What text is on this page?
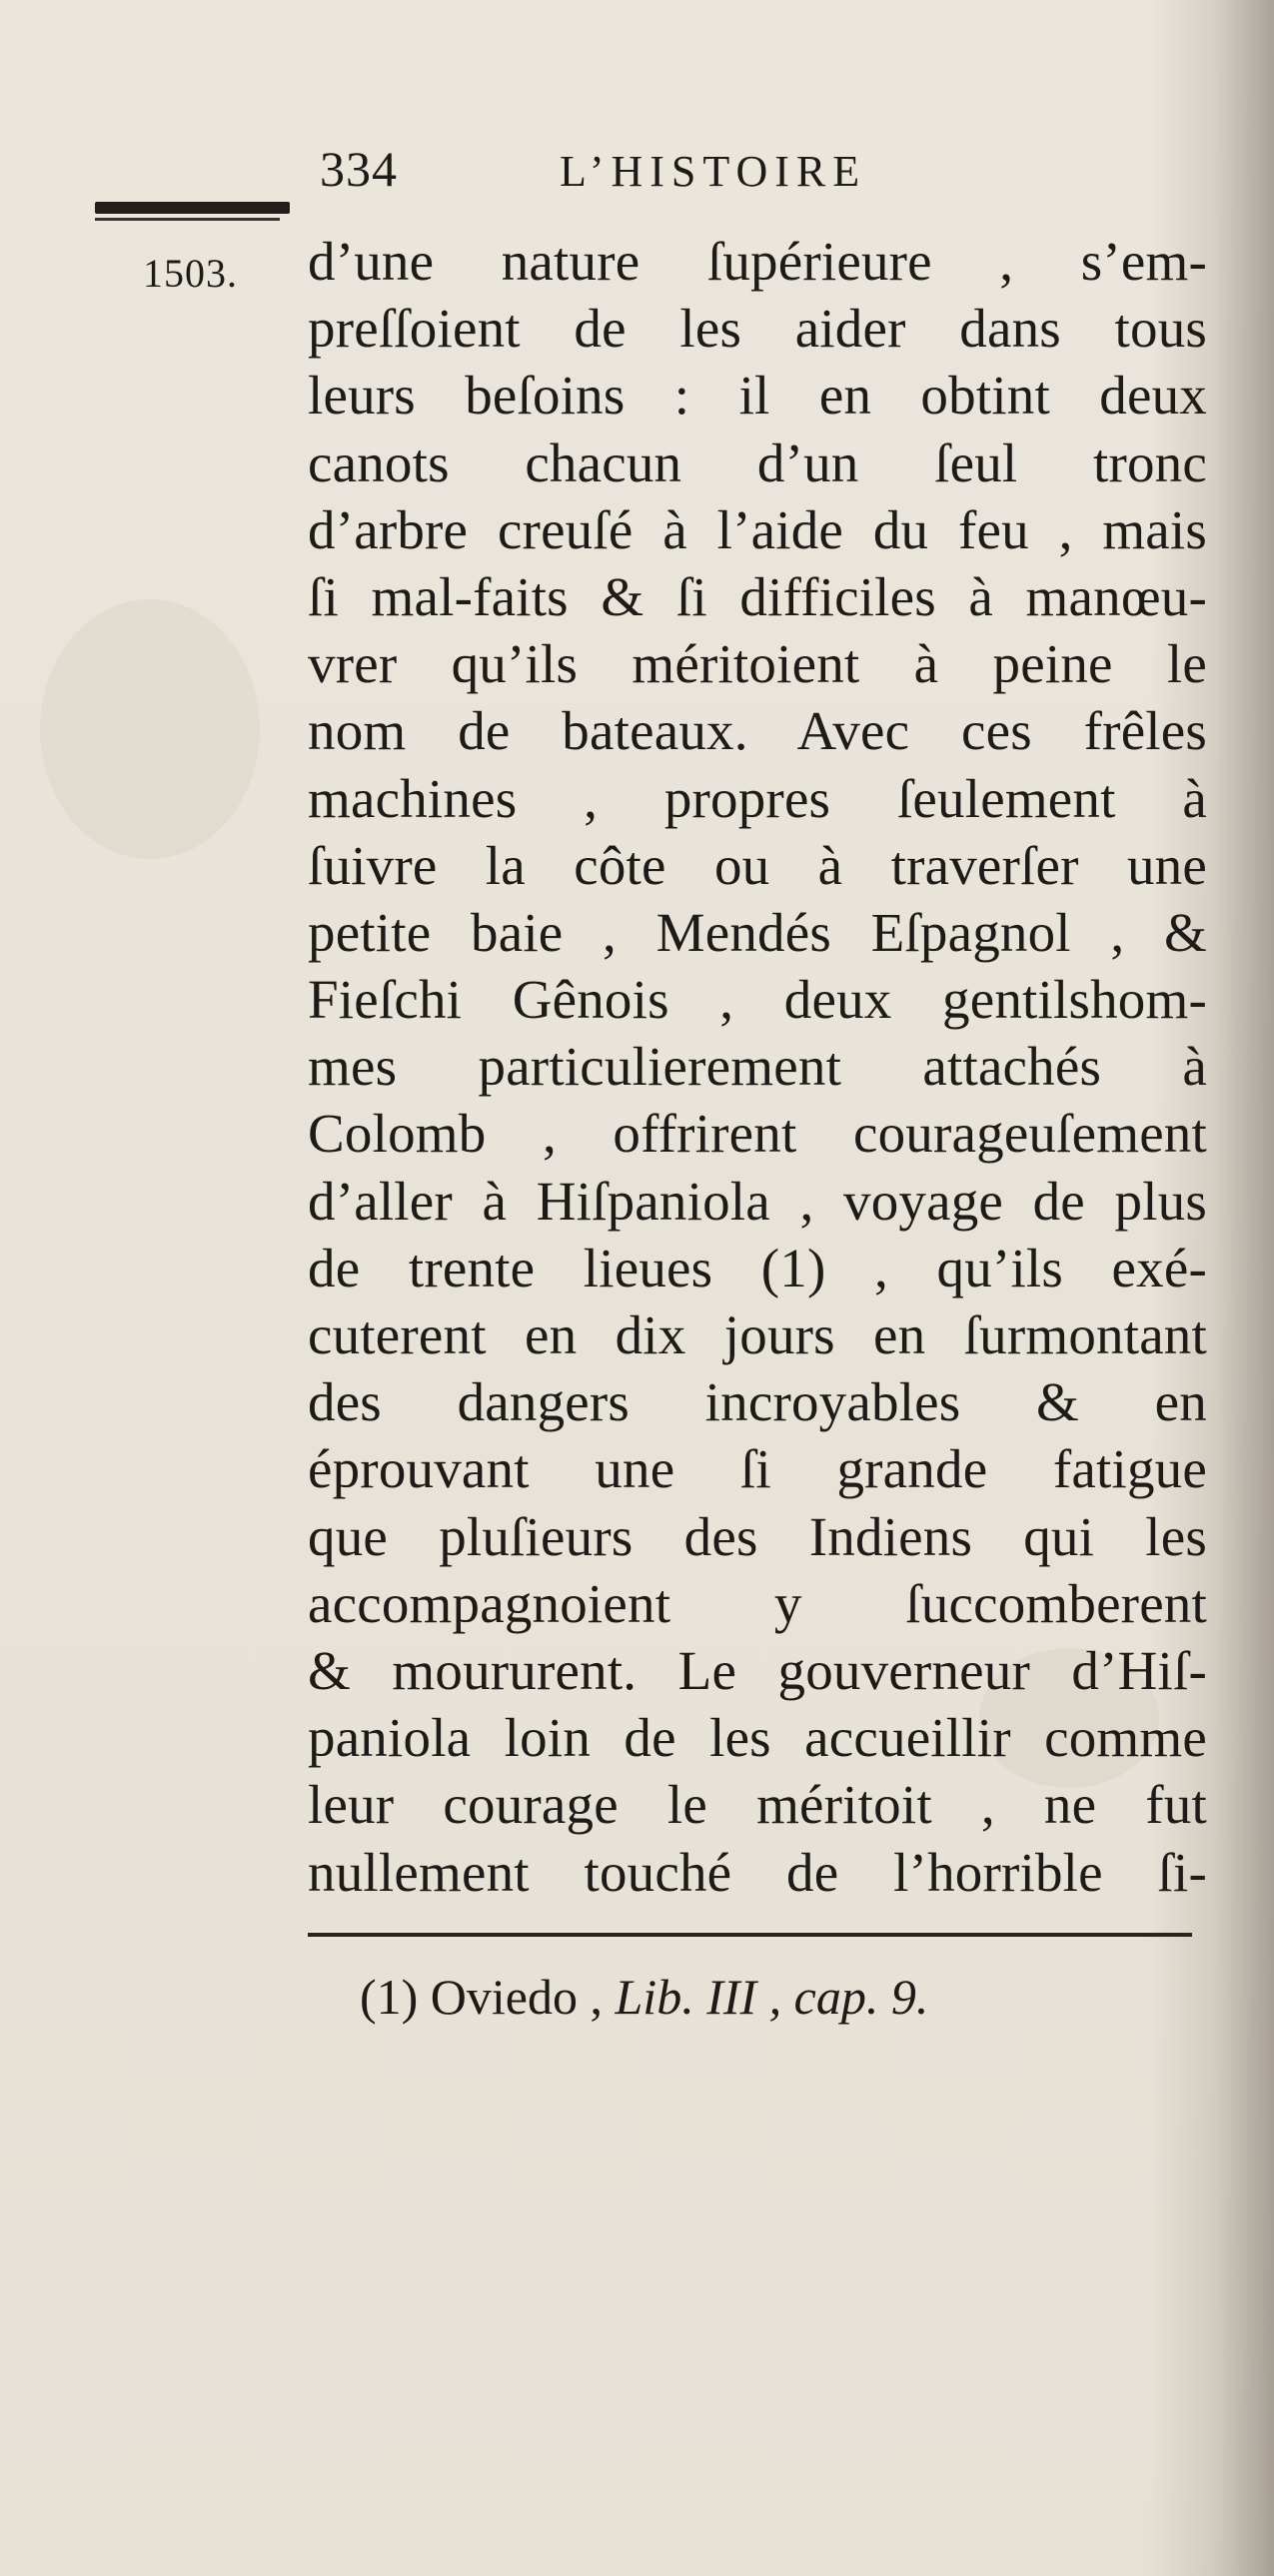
334	L’HISTOIRE
1503. d’une nature ſupérieure , s’em-
preſſoient de les aider dans tous
leurs beſoins : il en obtint deux
canots chacun d’un ſeul tronc
d’arbre creuſé à l’aide du feu , mais
ſi mal-faits & ſi difficiles à manœu-
vrer qu’ils méritoient à peine le
nom de bateaux. Avec ces frêles
machines , propres ſeulement à
ſuivre la côte ou à traverſer une
petite baie , Mendés Eſpagnol , &
Fieſchi Gênois , deux gentilshom-
mes particulierement attachés à
Colomb , offrirent courageuſement
d’aller à Hiſpaniola , voyage de plus
de trente lieues (1) , qu’ils exé-
cuterent en dix jours en ſurmontant
des dangers incroyables & en
éprouvant une ſi grande fatigue
que pluſieurs des Indiens qui les
accompagnoient y ſuccomberent
& moururent. Le gouverneur d’Hiſ-
paniola loin de les accueillir comme
leur courage le méritoit , ne fut
nullement touché de l’horrible ſi-
(1) Oviedo , Lib. III , cap. 9.
